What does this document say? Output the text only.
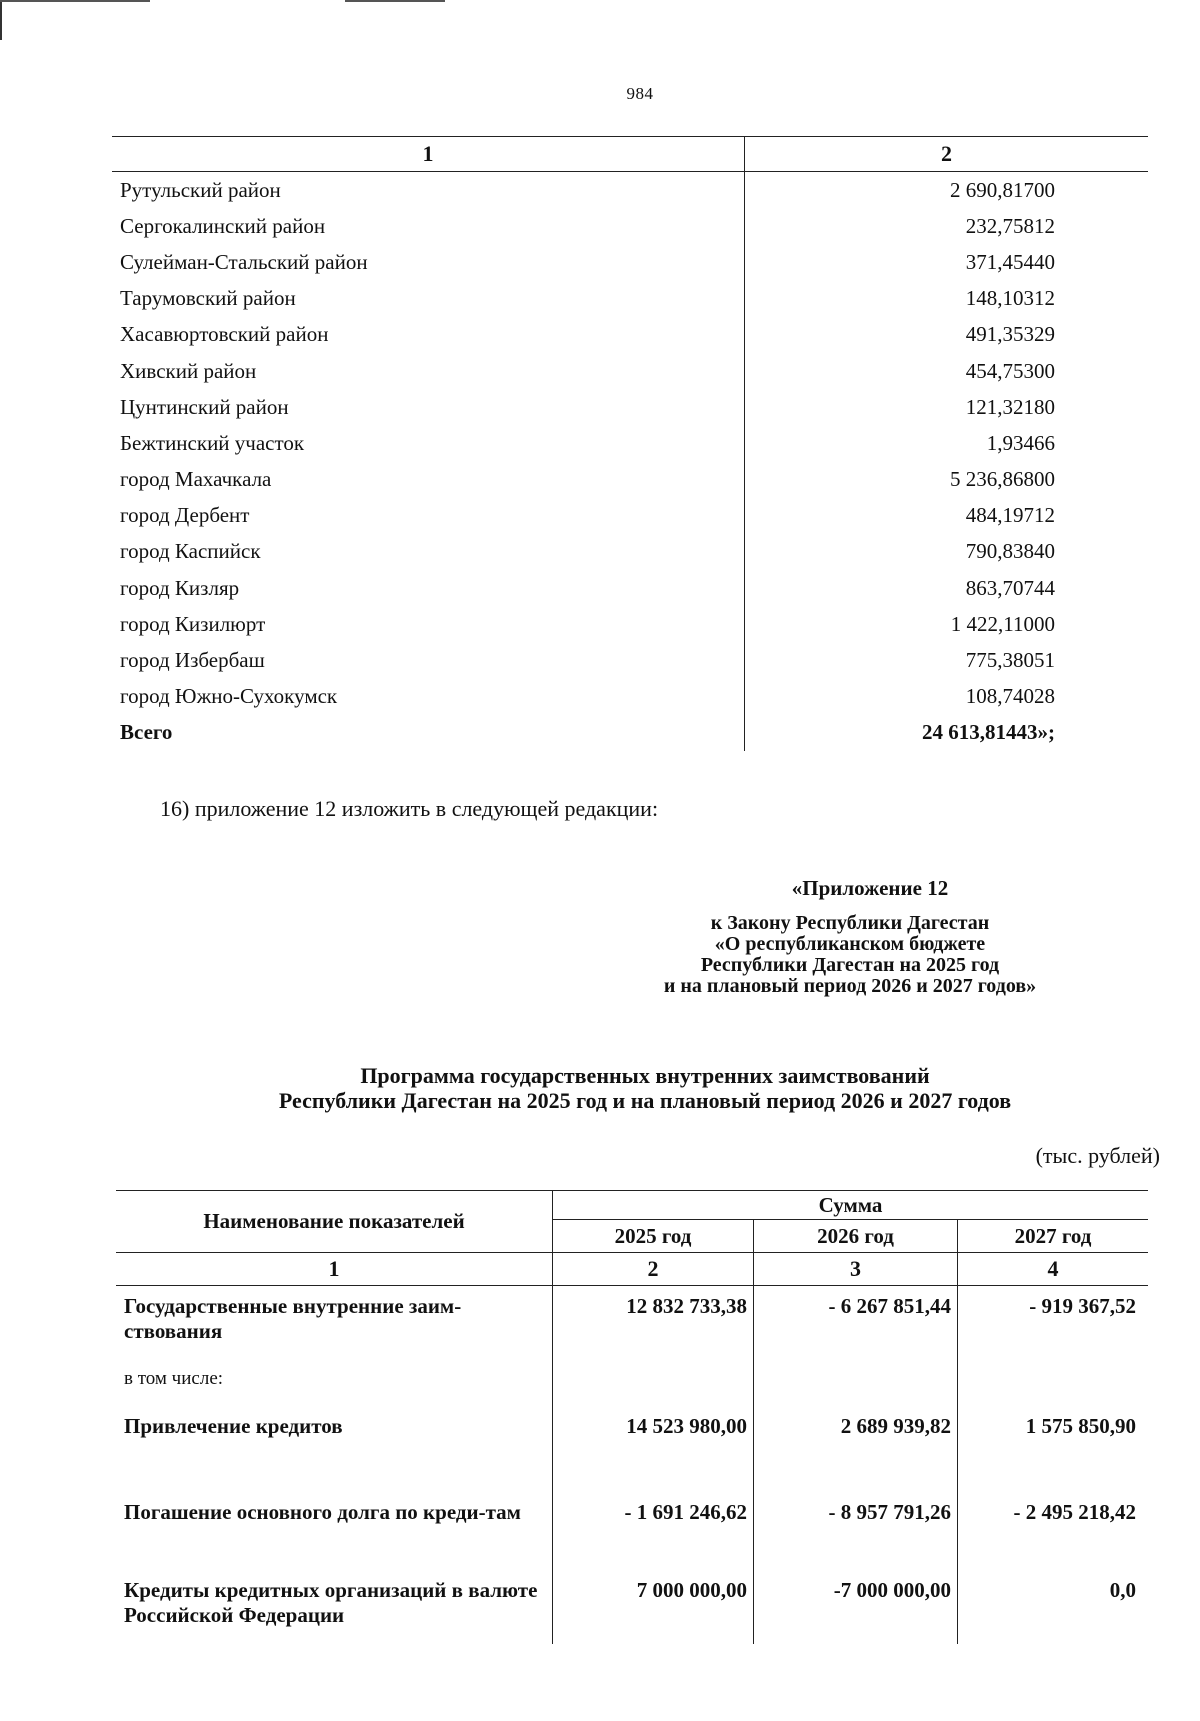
984
1	2
Рутульский район	2 690,81700
Сергокалинский район	232,75812
Сулейман-Стальский район	371,45440
Тарумовский район	148,10312
Хасавюртовский район	491,35329
Хивский район	454,75300
Цунтинский район	121,32180
Бежтинский участок	1,93466
город Махачкала	5 236,86800
город Дербент	484,19712
город Каспийск	790,83840
город Кизляр	863,70744
город Кизилюрт	1 422,11000
город Избербаш	775,38051
город Южно-Сухокумск	108,74028
Всего	24 613,81443»;
16) приложение 12 изложить в следующей редакции:
«Приложение 12
к Закону Республики Дагестан
«О республиканском бюджете
Республики Дагестан на 2025 год
и на плановый период 2026 и 2027 годов»
Программа государственных внутренних заимствований
Республики Дагестан на 2025 год и на плановый период 2026 и 2027 годов
(тыс. рублей)
Наименование показателей	Сумма		
	2025 год	2026 год	2027 год
1	2	3	4
Государственные внутренние заим-ствования	12 832 733,38	- 6 267 851,44	- 919 367,52
в том числе:			
Привлечение кредитов	14 523 980,00	2 689 939,82	1 575 850,90
Погашение основного долга по креди-там	- 1 691 246,62	- 8 957 791,26	- 2 495 218,42
Кредиты кредитных организаций в валюте Российской Федерации	7 000 000,00	-7 000 000,00	0,0
